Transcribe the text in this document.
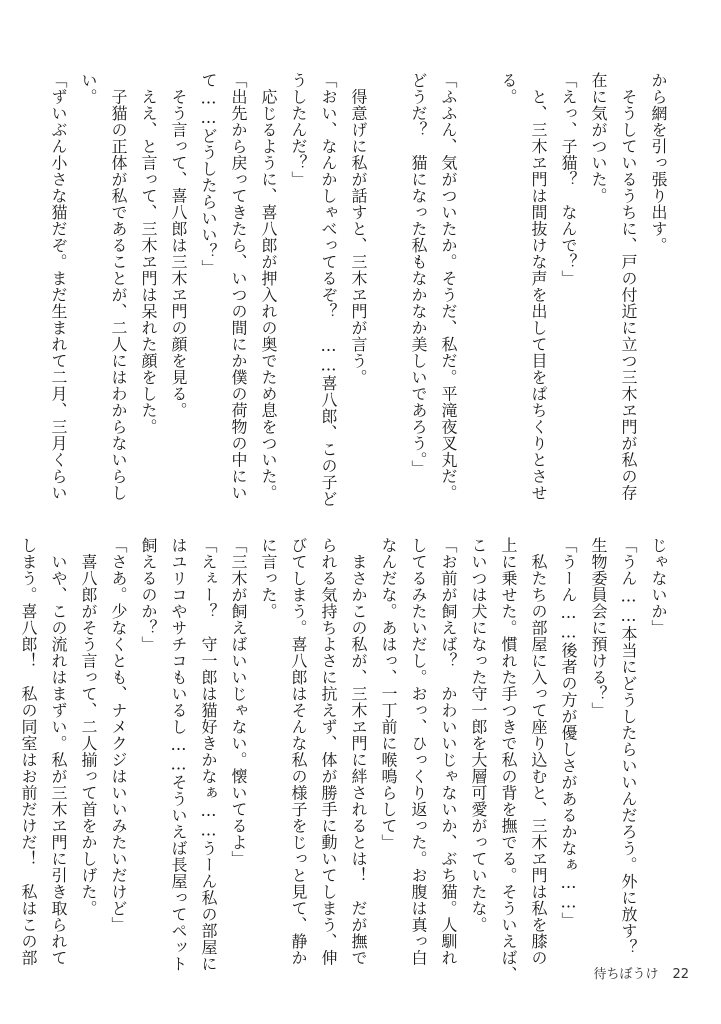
から網を引っ張り出す。
　そうしているうちに、戸の付近に立つ三木ヱ門が私の存
在に気がついた。
「えっ、子猫？　なんで？」
　と、三木ヱ門は間抜けな声を出して目をぱちくりとさせ
る。

「ふふん、気がついたか。そうだ、私だ。平滝夜叉丸だ。
どうだ？　猫になった私もなかなか美しいであろう。」

　得意げに私が話すと、三木ヱ門が言う。
「おい、なんかしゃべってるぞ？　……喜八郎、この子ど
うしたんだ？」
　応じるように、喜八郎が押入れの奥でため息をついた。
「出先から戻ってきたら、いつの間にか僕の荷物の中にい
て……どうしたらいい？」
　そう言って、喜八郎は三木ヱ門の顔を見る。
　ええ、と言って、三木ヱ門は呆れた顔をした。
　子猫の正体が私であることが、二人にはわからないらし
い。
「ずいぶん小さな猫だぞ。まだ生まれて二月、三月くらい
じゃないか」
「うん……本当にどうしたらいいんだろう。外に放す？
生物委員会に預ける？」
「うーん……後者の方が優しさがあるかなぁ……」
　私たちの部屋に入って座り込むと、三木ヱ門は私を膝の
上に乗せた。慣れた手つきで私の背を撫でる。そういえば、
こいつは犬になった守一郎を大層可愛がっていたな。
「お前が飼えば？　かわいいじゃないか、ぶち猫。人馴れ
してるみたいだし。おっ、ひっくり返った。お腹は真っ白
なんだな。あはっ、一丁前に喉鳴らして」
　まさかこの私が、三木ヱ門に絆されるとは！　だが撫で
られる気持ちよさに抗えず、体が勝手に動いてしまう、伸
びてしまう。喜八郎はそんな私の様子をじっと見て、静か
に言った。
「三木が飼えばいいじゃない。懐いてるよ」
「えぇー？　守一郎は猫好きかなぁ……うーん私の部屋に
はユリコやサチコもいるし……そういえば長屋ってペット
飼えるのか？」
「さあ。少なくとも、ナメクジはいいみたいだけど」
　喜八郎がそう言って、二人揃って首をかしげた。
　いや、この流れはまずい。私が三木ヱ門に引き取られて
しまう。喜八郎！　私の同室はお前だけだ！　私はこの部
待ちぼうけ 22
